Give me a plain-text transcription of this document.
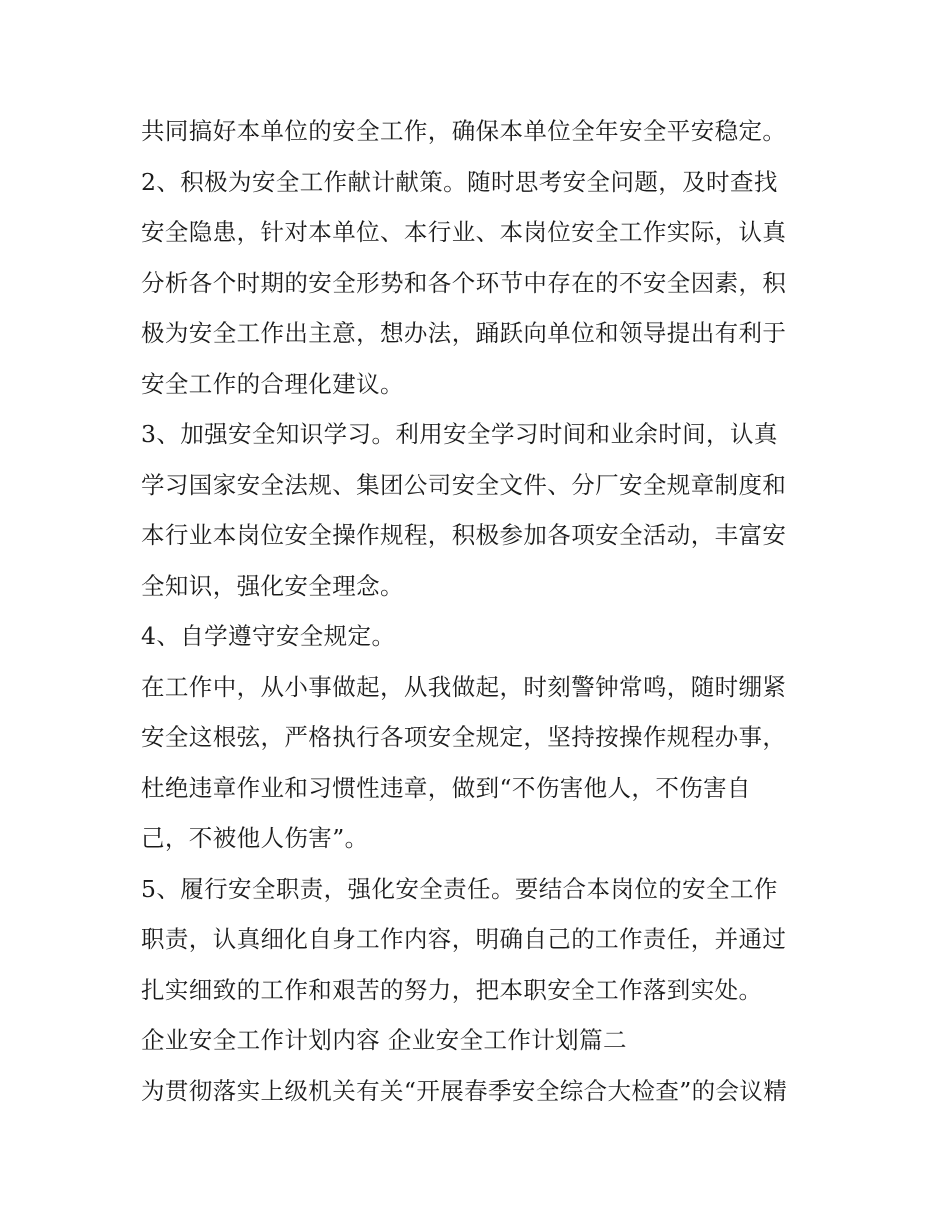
共同搞好本单位的安全工作，确保本单位全年安全平安稳定。
2、积极为安全工作献计献策。随时思考安全问题，及时查找
安全隐患，针对本单位、本行业、本岗位安全工作实际，认真
分析各个时期的安全形势和各个环节中存在的不安全因素，积
极为安全工作出主意，想办法，踊跃向单位和领导提出有利于
安全工作的合理化建议。
3、加强安全知识学习。利用安全学习时间和业余时间，认真
学习国家安全法规、集团公司安全文件、分厂安全规章制度和
本行业本岗位安全操作规程，积极参加各项安全活动，丰富安
全知识，强化安全理念。
4、自学遵守安全规定。
在工作中，从小事做起，从我做起，时刻警钟常鸣，随时绷紧
安全这根弦，严格执行各项安全规定，坚持按操作规程办事，
杜绝违章作业和习惯性违章，做到“不伤害他人，不伤害自
己，不被他人伤害”。
5、履行安全职责，强化安全责任。要结合本岗位的安全工作
职责，认真细化自身工作内容，明确自己的工作责任，并通过
扎实细致的工作和艰苦的努力，把本职安全工作落到实处。
企业安全工作计划内容 企业安全工作计划篇二
为贯彻落实上级机关有关“开展春季安全综合大检查”的会议精
